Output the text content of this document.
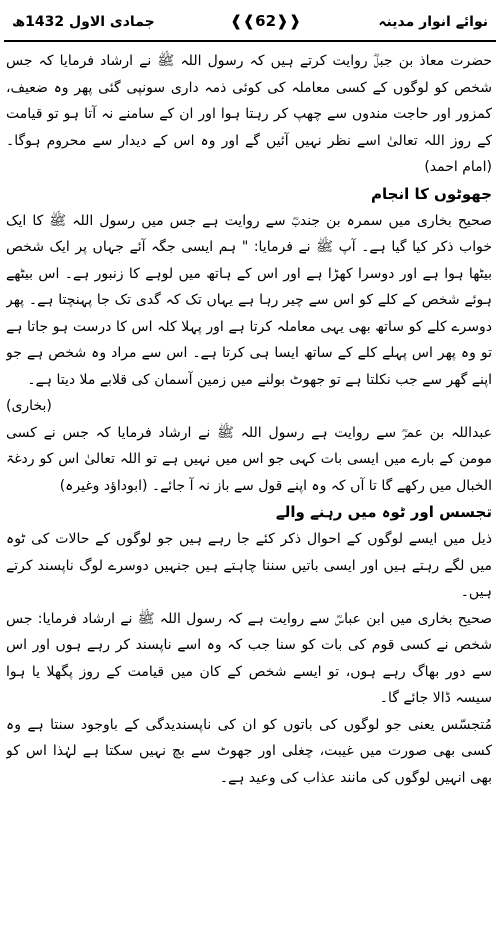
جمادی الاول 1432ھ	❰❰62❱❱	نوائے انوار مدینہ

حضرت معاذ بن جبلؓ روایت کرتے ہیں کہ رسول اللہ ﷺ نے ارشاد فرمایا کہ جس شخص کو لوگوں کے کسی معاملہ کی کوئی ذمہ داری سونپی گئی پھر وہ ضعیف، کمزور اور حاجت مندوں سے چھپ کر رہتا ہوا اور ان کے سامنے نہ آتا ہو تو قیامت کے روز اللہ تعالیٰ اسے نظر نہیں آئیں گے اور وہ اس کے دیدار سے محروم ہوگا۔ (امام احمد)

جھوٹوں کا انجام

صحیح بخاری میں سمرہ بن جندبؓ سے روایت ہے جس میں رسول اللہ ﷺ کا ایک خواب ذکر کیا گیا ہے۔ آپ ﷺ نے فرمایا: " ہم ایسی جگہ آئے جہاں پر ایک شخص بیٹھا ہوا ہے اور دوسرا کھڑا ہے اور اس کے ہاتھ میں لوہے کا زنبور ہے۔ اس بیٹھے ہوئے شخص کے کلے کو اس سے چیر رہا ہے یہاں تک کہ گدی تک جا پہنچتا ہے۔ پھر دوسرے کلے کو ساتھ بھی یہی معاملہ کرتا ہے اور پہلا کلہ اس کا درست ہو جاتا ہے تو وہ پھر اس پہلے کلے کے ساتھ ایسا ہی کرتا ہے۔ اس سے مراد وہ شخص ہے جو اپنے گھر سے جب نکلتا ہے تو جھوٹ بولنے میں زمین آسمان کی قلابے ملا دیتا ہے۔

(بخاری)

عبداللہ بن عمرؓ سے روایت ہے رسول اللہ ﷺ نے ارشاد فرمایا کہ جس نے کسی مومن کے بارے میں ایسی بات کہی جو اس میں نہیں ہے تو اللہ تعالیٰ اس کو ردغۃ الخبال میں رکھے گا تا آں کہ وہ اپنے قول سے باز نہ آ جائے۔ (ابوداؤد وغیرہ)

تجسس اور ٹوہ میں رہنے والے

ذیل میں ایسے لوگوں کے احوال ذکر کئے جا رہے ہیں جو لوگوں کے حالات کی ٹوہ میں لگے رہتے ہیں اور ایسی باتیں سننا چاہتے ہیں جنہیں دوسرے لوگ ناپسند کرتے ہیں۔

صحیح بخاری میں ابن عباسؓ سے روایت ہے کہ رسول اللہ ﷺ نے ارشاد فرمایا: جس شخص نے کسی قوم کی بات کو سنا جب کہ وہ اسے ناپسند کر رہے ہوں اور اس سے دور بھاگ رہے ہوں، تو ایسے شخص کے کان میں قیامت کے روز پگھلا یا ہوا سیسہ ڈالا جائے گا۔

مُتجسّس یعنی جو لوگوں کی باتوں کو ان کی ناپسندیدگی کے باوجود سنتا ہے وہ کسی بھی صورت میں غیبت، چغلی اور جھوٹ سے بچ نہیں سکتا ہے لہٰذا اس کو بھی انہیں لوگوں کی مانند عذاب کی وعید ہے۔
